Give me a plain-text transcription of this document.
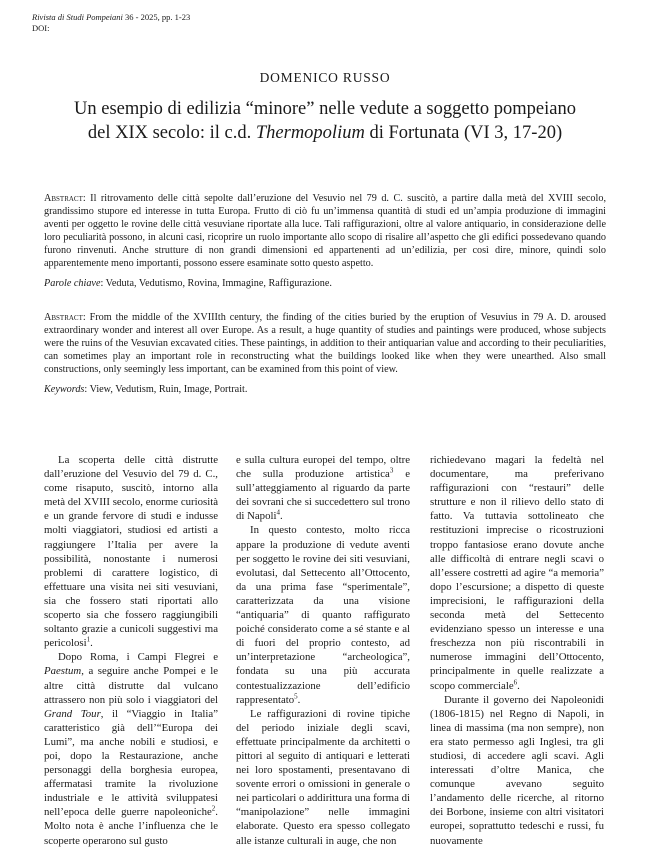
Rivista di Studi Pompeiani 36 - 2025, pp. 1-23
DOI:
DOMENICO RUSSO
Un esempio di edilizia “minore” nelle vedute a soggetto pompeiano
del XIX secolo: il c.d. Thermopolium di Fortunata (VI 3, 17-20)
Abstract: Il ritrovamento delle città sepolte dall’eruzione del Vesuvio nel 79 d. C. suscitò, a partire dalla metà del XVIII secolo, grandissimo stupore ed interesse in tutta Europa. Frutto di ciò fu un’immensa quantità di studi ed un’ampia produzione di immagini aventi per oggetto le rovine delle città vesuviane riportate alla luce. Tali raffigurazioni, oltre al valore antiquario, in considerazione delle loro peculiarità possono, in alcuni casi, ricoprire un ruolo importante allo scopo di risalire all’aspetto che gli edifici possedevano quando furono rinvenuti. Anche strutture di non grandi dimensioni ed appartenenti ad un’edilizia, per così dire, minore, quindi solo apparentemente meno importanti, possono essere esaminate sotto questo aspetto.
Parole chiave: Veduta, Vedutismo, Rovina, Immagine, Raffigurazione.
Abstract: From the middle of the XVIIIth century, the finding of the cities buried by the eruption of Vesuvius in 79 A. D. aroused extraordinary wonder and interest all over Europe. As a result, a huge quantity of studies and paintings were produced, whose subjects were the ruins of the Vesuvian excavated cities. These paintings, in addition to their antiquarian value and according to their peculiarities, can sometimes play an important role in reconstructing what the buildings looked like when they were unearthed. Also small constructions, only seemingly less important, can be examined from this point of view.
Keywords: View, Vedutism, Ruin, Image, Portrait.

La scoperta delle città distrutte dall’eruzione del Vesuvio del 79 d. C., come risaputo, suscitò, intorno alla metà del XVIII secolo, enorme curiosità e un grande fervore di studi e indusse molti viaggiatori, studiosi ed artisti a raggiungere l’Italia per avere la possibilità, nonostante i numerosi problemi di carattere logistico, di effettuare una visita nei siti vesuviani, sia che fossero stati riportati allo scoperto sia che fossero raggiungibili soltanto grazie a cunicoli suggestivi ma pericolosi$^1$.

Dopo Roma, i Campi Flegrei e Paestum, a seguire anche Pompei e le altre città distrutte dal vulcano attrassero non più solo i viaggiatori del Grand Tour, il “Viaggio in Italia” caratteristico già dell’“Europa dei Lumi”, ma anche nobili e studiosi, e poi, dopo la Restaurazione, anche personaggi della borghesia europea, affermatasi tramite la rivoluzione industriale e le attività sviluppatesi nell’epoca delle guerre napoleoniche$^2$. Molto nota è anche l’influenza che le scoperte operarono sul gusto

e sulla cultura europei del tempo, oltre che sulla produzione artistica$^3$ e sull’atteggiamento al riguardo da parte dei sovrani che si succedettero sul trono di Napoli$^4$.

In questo contesto, molto ricca appare la produzione di vedute aventi per soggetto le rovine dei siti vesuviani, evolutasi, dal Settecento all’Ottocento, da una prima fase “sperimentale”, caratterizzata da una visione “antiquaria” di quanto raffigurato poiché considerato come a sé stante e al di fuori del proprio contesto, ad un’interpretazione “archeologica”, fondata su una più accurata contestualizzazione dell’edificio rappresentato$^5$.

Le raffigurazioni di rovine tipiche del periodo iniziale degli scavi, effettuate principalmente da architetti o pittori al seguito di antiquari e letterati nei loro spostamenti, presentavano di sovente errori o omissioni in generale o nei particolari o addirittura una forma di “manipolazione” nelle immagini elaborate. Questo era spesso collegato alle istanze culturali in auge, che non

richiedevano magari la fedeltà nel documentare, ma preferivano raffigurazioni con “restauri” delle strutture e non il rilievo dello stato di fatto. Va tuttavia sottolineato che restituzioni imprecise o ricostruzioni troppo fantasiose erano dovute anche alle difficoltà di entrare negli scavi o all’essere costretti ad agire “a memoria” dopo l’escursione; a dispetto di queste imprecisioni, le raffigurazioni della seconda metà del Settecento evidenziano spesso un interesse e una freschezza non più riscontrabili in numerose immagini dell’Ottocento, principalmente in quelle realizzate a scopo commerciale$^6$.

Durante il governo dei Napoleonidi (1806-1815) nel Regno di Napoli, in linea di massima (ma non sempre), non era stato permesso agli Inglesi, tra gli studiosi, di accedere agli scavi. Agli interessati d’oltre Manica, che comunque avevano seguito l’andamento delle ricerche, al ritorno dei Borbone, insieme con altri visitatori europei, soprattutto tedeschi e russi, fu nuovamente
